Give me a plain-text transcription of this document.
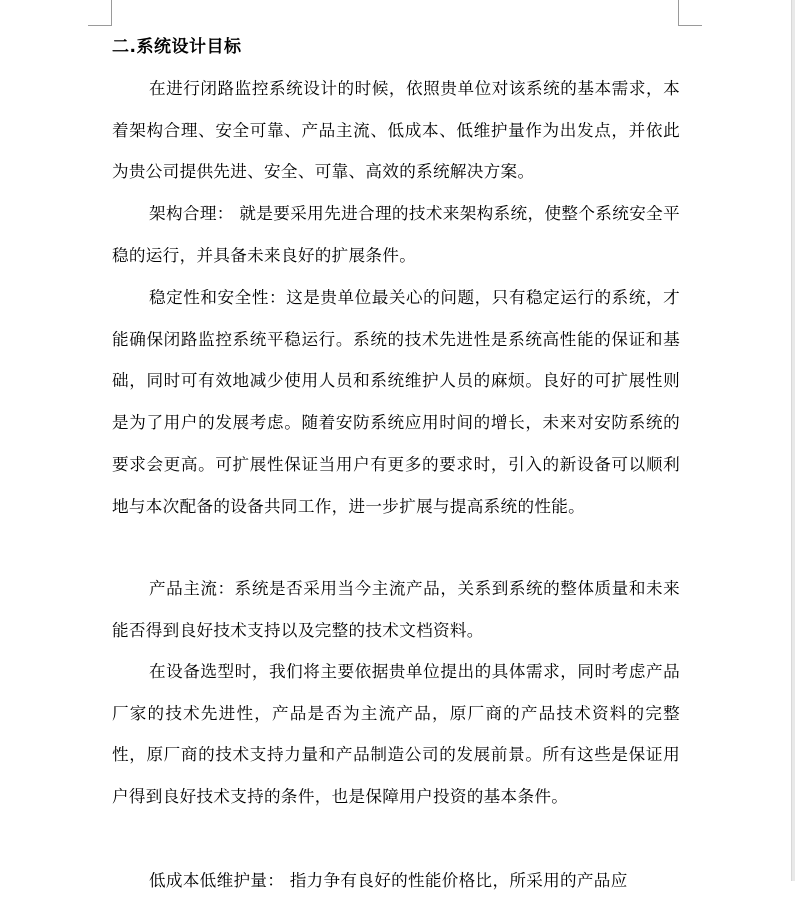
二.系统设计目标

在进行闭路监控系统设计的时候，依照贵单位对该系统的基本需求，本着架构合理、安全可靠、产品主流、低成本、低维护量作为出发点，并依此为贵公司提供先进、安全、可靠、高效的系统解决方案。

架构合理： 就是要采用先进合理的技术来架构系统，使整个系统安全平稳的运行，并具备未来良好的扩展条件。

稳定性和安全性：这是贵单位最关心的问题，只有稳定运行的系统，才能确保闭路监控系统平稳运行。系统的技术先进性是系统高性能的保证和基础，同时可有效地减少使用人员和系统维护人员的麻烦。良好的可扩展性则是为了用户的发展考虑。随着安防系统应用时间的增长，未来对安防系统的要求会更高。可扩展性保证当用户有更多的要求时，引入的新设备可以顺利地与本次配备的设备共同工作，进一步扩展与提高系统的性能。

产品主流：系统是否采用当今主流产品，关系到系统的整体质量和未来能否得到良好技术支持以及完整的技术文档资料。

在设备选型时，我们将主要依据贵单位提出的具体需求，同时考虑产品厂家的技术先进性，产品是否为主流产品，原厂商的产品技术资料的完整性，原厂商的技术支持力量和产品制造公司的发展前景。所有这些是保证用户得到良好技术支持的条件，也是保障用户投资的基本条件。

低成本低维护量： 指力争有良好的性能价格比，所采用的产品应
